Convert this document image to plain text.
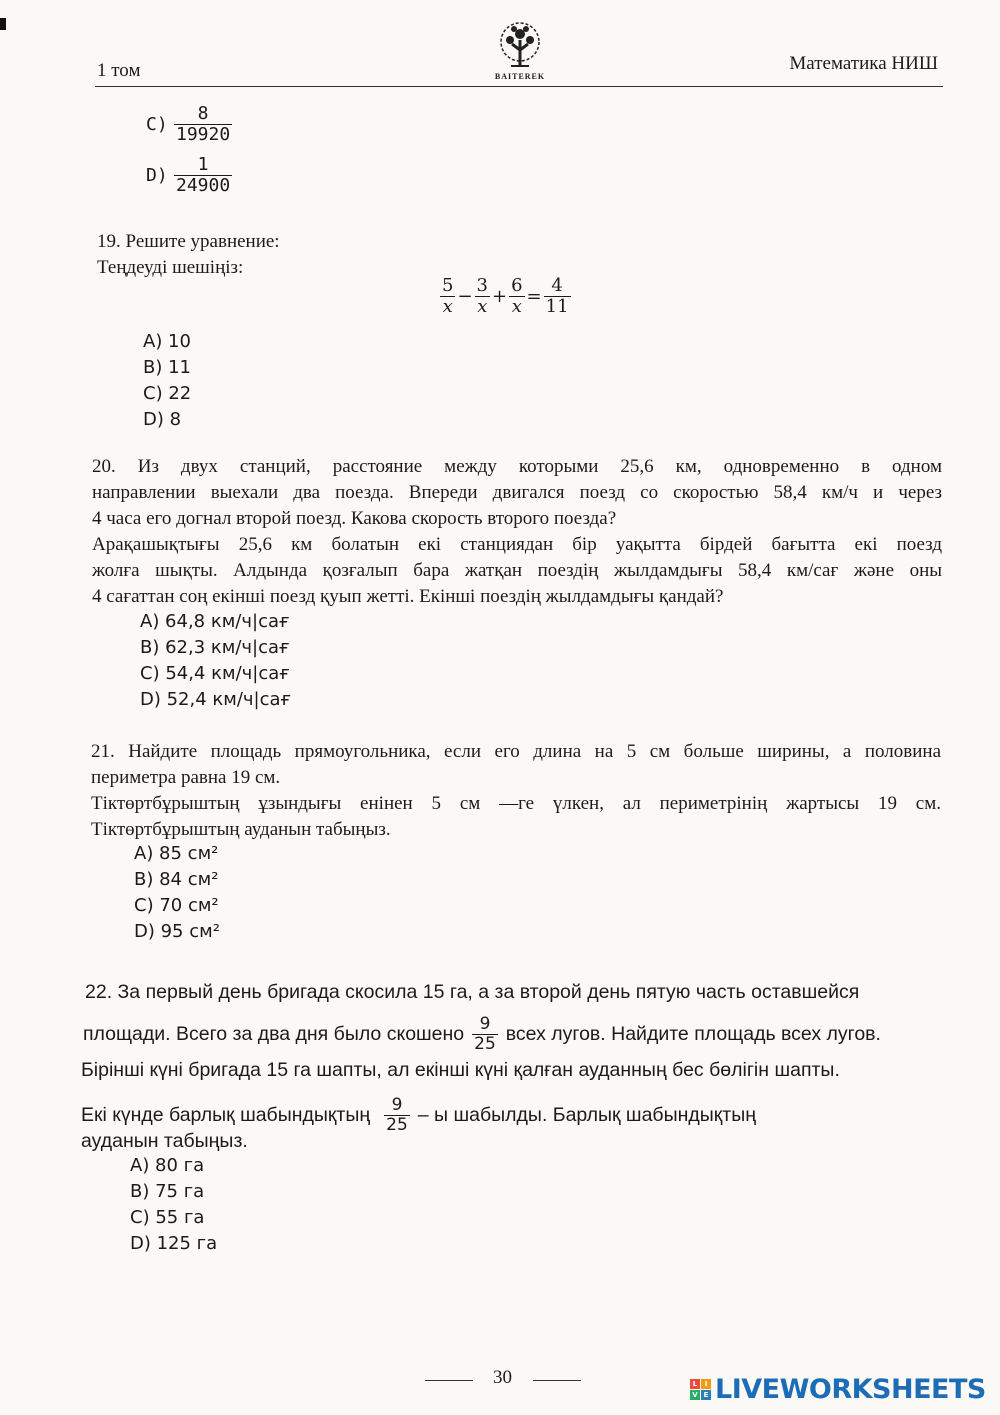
1 том	BAITEREK
Математика НИШ
$C) \frac{8}{19920}$
$D) \frac{1}{24900}$
19. Решите уравнение:
Теңдеуді шешіңіз:
$\frac{5}{x} - \frac{3}{x} + \frac{6}{x} = \frac{4}{11}$
A) 10
B) 11
C) 22
D) 8
20. Из двух станций, расстояние между которыми 25,6 км, одновременно в одном
направлении выехали два поезда. Впереди двигался поезд со скоростью 58,4 км/ч и через
4 часа его догнал второй поезд. Какова скорость второго поезда?
Арақашықтығы 25,6 км болатын екі станциядан бір уақытта бірдей бағытта екі поезд
жолға шықты. Алдында қозғалып бара жатқан поездің жылдамдығы 58,4 км/сағ және оны
4 сағаттан соң екінші поезд қуып жетті. Екінші поездің жылдамдығы қандай?
A) 64,8 км/ч|сағ
B) 62,3 км/ч|сағ
C) 54,4 км/ч|сағ
D) 52,4 км/ч|сағ
21. Найдите площадь прямоугольника, если его длина на 5 см больше ширины, а половина
периметра равна 19 см.
Тіктөртбұрыштың ұзындығы енінен 5 см —ге үлкен, ал периметрінің жартысы 19 см.
Тіктөртбұрыштың ауданын табыңыз.
A) 85 см²
B) 84 см²
C) 70 см²
D) 95 см²
22. За первый день бригада скосила 15 га, а за второй день пятую часть оставшейся
площади. Всего за два дня было скошено $\frac{9}{25}$ всех лугов. Найдите площадь всех лугов.
Бірінші күні бригада 15 га шапты, ал екінші күні қалған ауданның бес бөлігін шапты.
Екі күнде барлық шабындықтың $\frac{9}{25}$ – ы шабылды. Барлық шабындықтың
ауданын табыңыз.
A) 80 га
B) 75 га
C) 55 га
D) 125 га
30	L	I
V E LIVEWORKSHEETS
